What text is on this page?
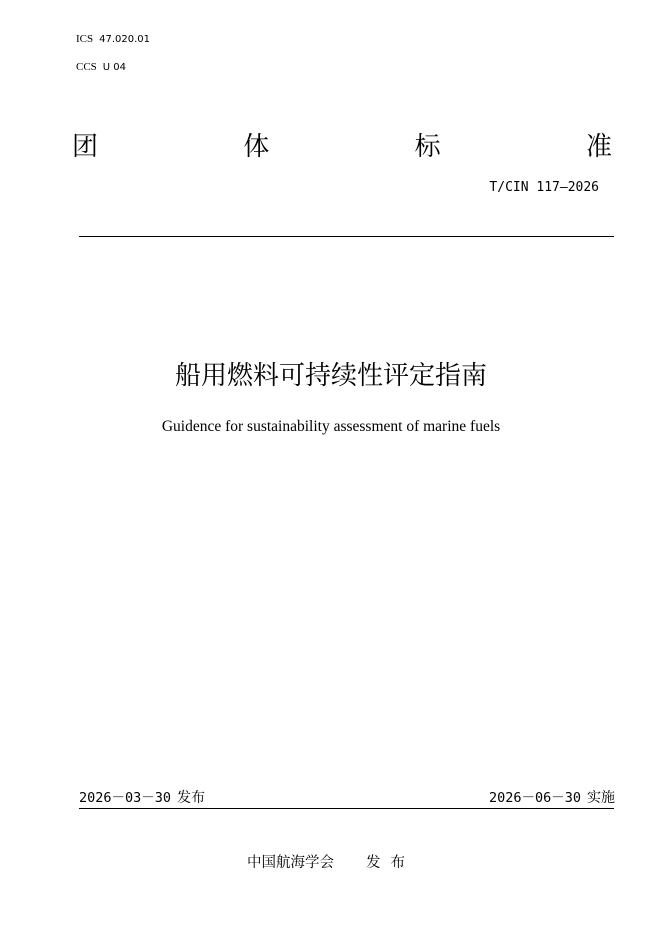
ICS 47.020.01
CCS U 04
团	体	标	准
T/CIN 117—2026
船用燃料可持续性评定指南
Guidence for sustainability assessment of marine fuels
2026－03－30 发布	2026－06－30 实施
中国航海学会 发布
